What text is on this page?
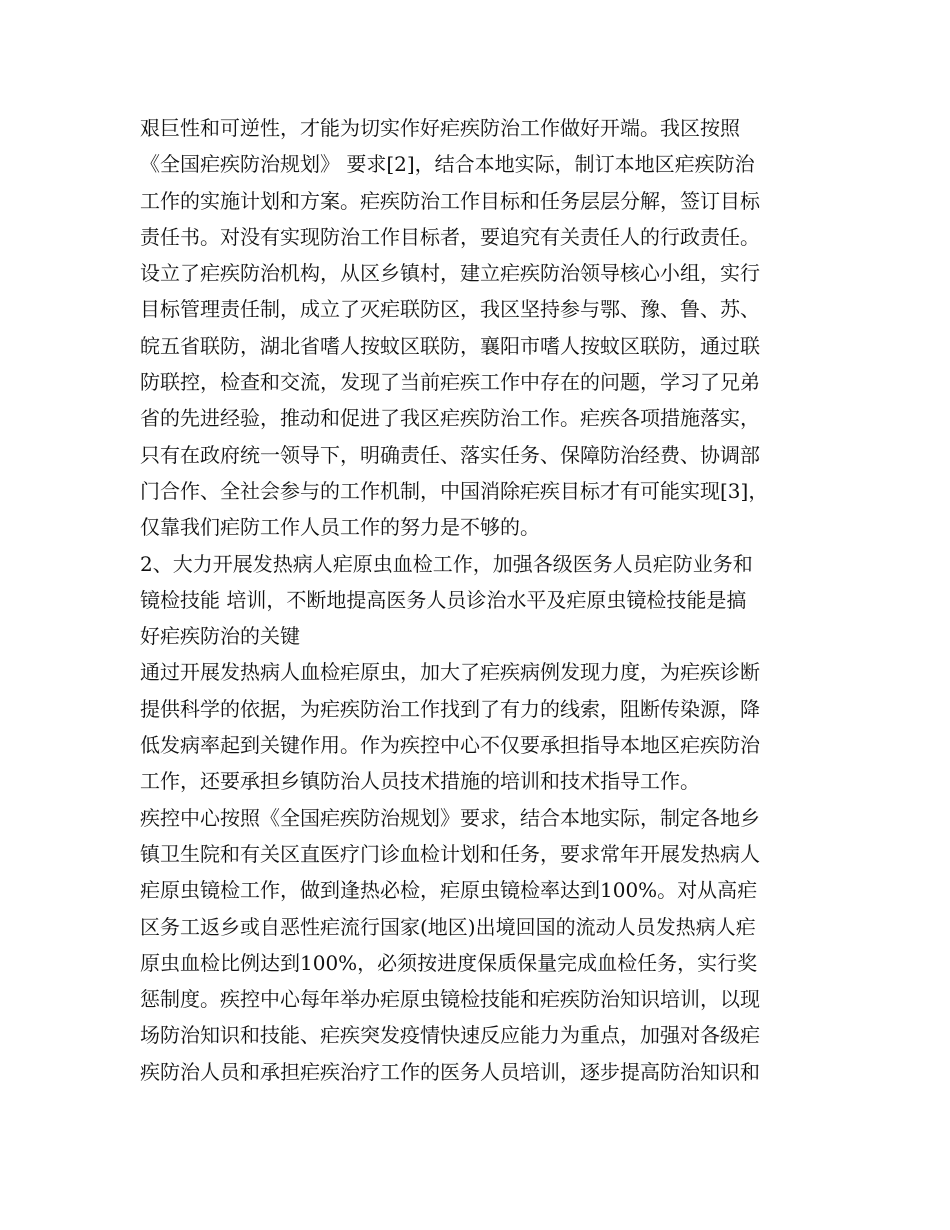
艰巨性和可逆性，才能为切实作好疟疾防治工作做好开端。我区按照

《全国疟疾防治规划》 要求[2]，结合本地实际，制订本地区疟疾防治

工作的实施计划和方案。疟疾防治工作目标和任务层层分解，签订目标

责任书。对没有实现防治工作目标者，要追究有关责任人的行政责任。

设立了疟疾防治机构，从区乡镇村，建立疟疾防治领导核心小组，实行

目标管理责任制，成立了灭疟联防区，我区坚持参与鄂、豫、鲁、苏、

皖五省联防，湖北省嗜人按蚊区联防，襄阳市嗜人按蚊区联防，通过联

防联控，检查和交流，发现了当前疟疾工作中存在的问题，学习了兄弟

省的先进经验，推动和促进了我区疟疾防治工作。疟疾各项措施落实，

只有在政府统一领导下，明确责任、落实任务、保障防治经费、协调部

门合作、全社会参与的工作机制，中国消除疟疾目标才有可能实现[3]，

仅靠我们疟防工作人员工作的努力是不够的。

2、大力开展发热病人疟原虫血检工作，加强各级医务人员疟防业务和

镜检技能 培训，不断地提高医务人员诊治水平及疟原虫镜检技能是搞

好疟疾防治的关键

通过开展发热病人血检疟原虫，加大了疟疾病例发现力度，为疟疾诊断

提供科学的依据，为疟疾防治工作找到了有力的线索，阻断传染源，降

低发病率起到关键作用。作为疾控中心不仅要承担指导本地区疟疾防治

工作，还要承担乡镇防治人员技术措施的培训和技术指导工作。

疾控中心按照《全国疟疾防治规划》要求，结合本地实际，制定各地乡

镇卫生院和有关区直医疗门诊血检计划和任务，要求常年开展发热病人

疟原虫镜检工作，做到逢热必检，疟原虫镜检率达到100%。对从高疟

区务工返乡或自恶性疟流行国家(地区)出境回国的流动人员发热病人疟

原虫血检比例达到100%，必须按进度保质保量完成血检任务，实行奖

惩制度。疾控中心每年举办疟原虫镜检技能和疟疾防治知识培训，以现

场防治知识和技能、疟疾突发疫情快速反应能力为重点，加强对各级疟

疾防治人员和承担疟疾治疗工作的医务人员培训，逐步提高防治知识和
